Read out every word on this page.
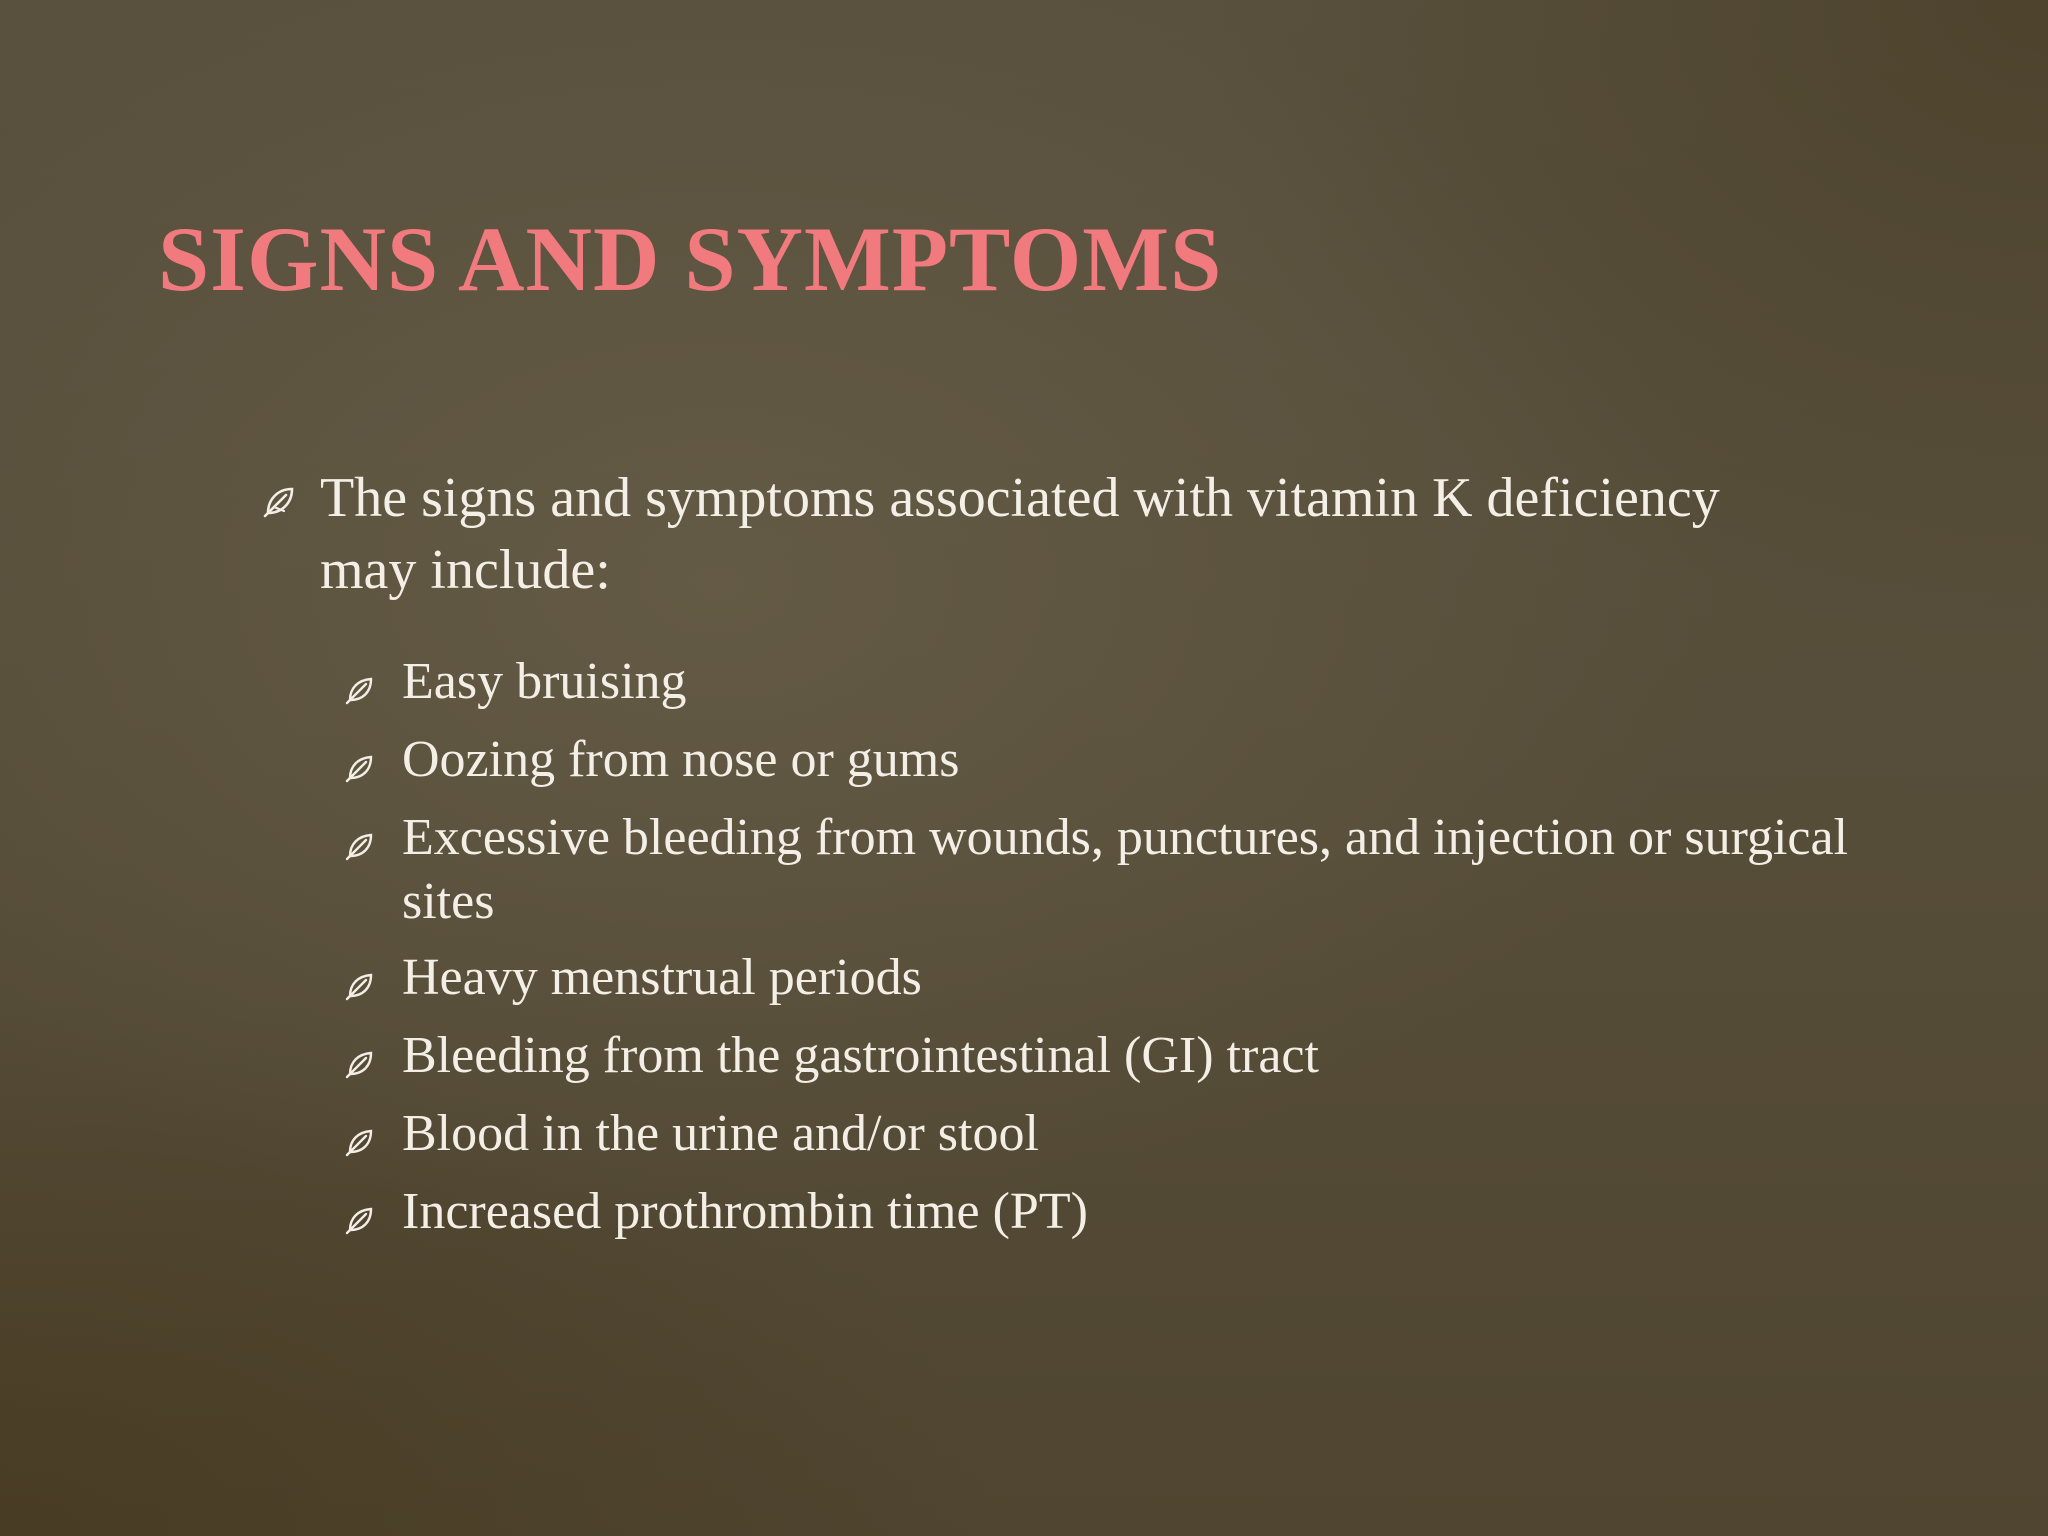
SIGNS AND SYMPTOMS
The signs and symptoms associated with vitamin K deficiency may include:
Easy bruising
Oozing from nose or gums
Excessive bleeding from wounds, punctures, and injection or surgical sites
Heavy menstrual periods
Bleeding from the gastrointestinal (GI) tract
Blood in the urine and/or stool
Increased prothrombin time (PT)
